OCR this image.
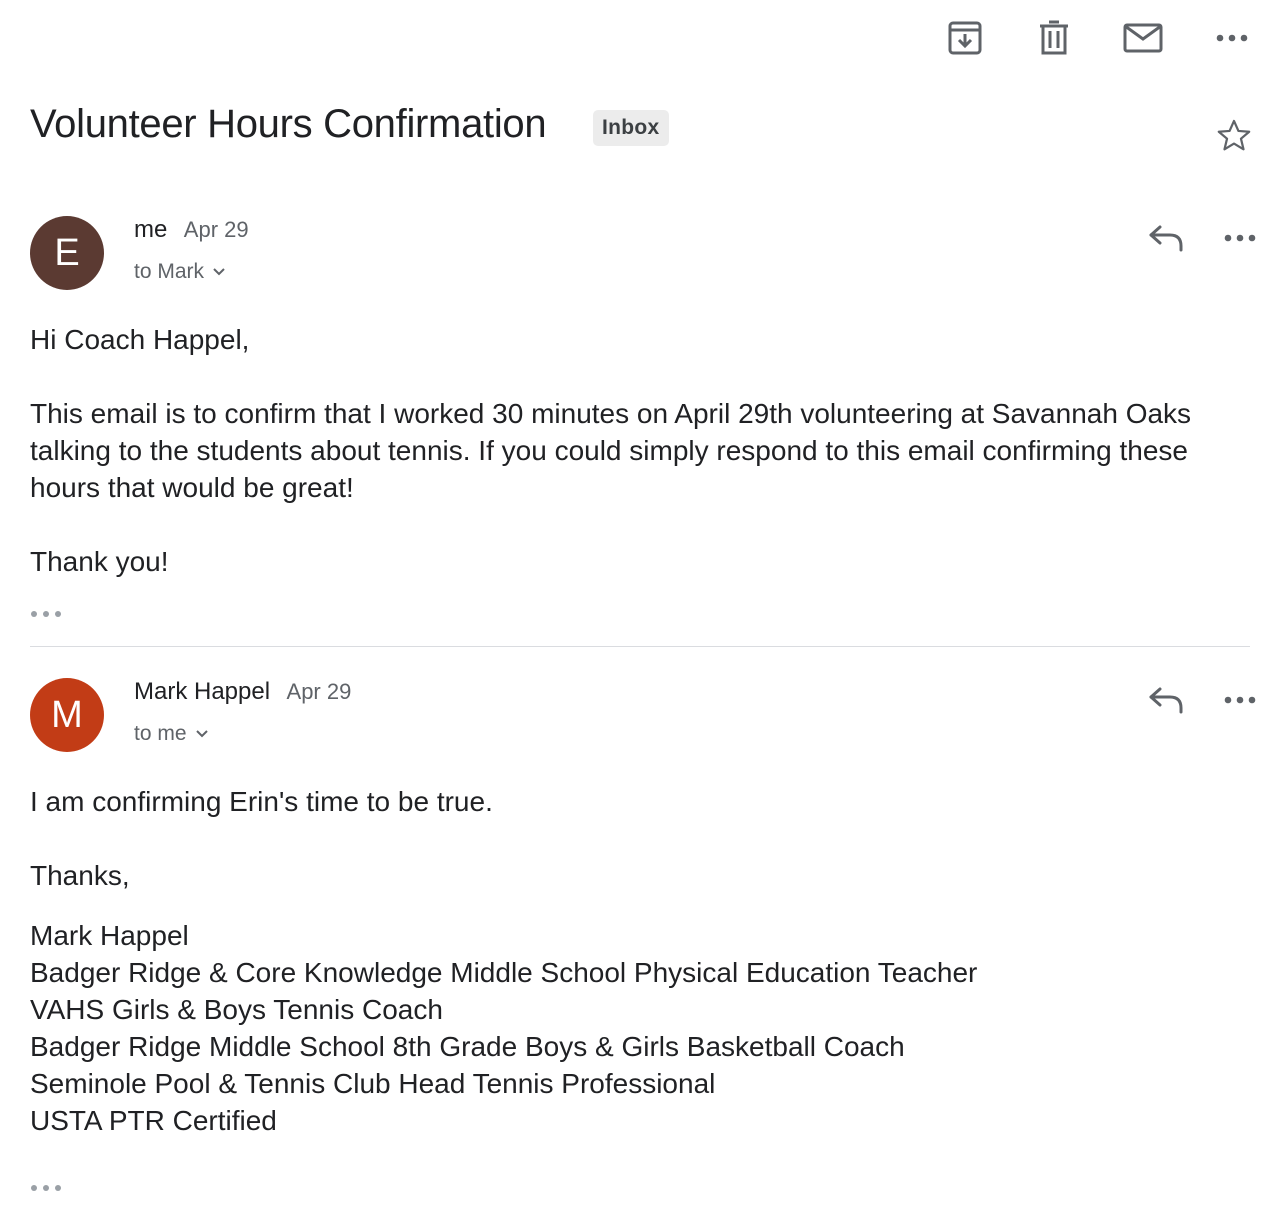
Volunteer Hours Confirmation	Inbox
E
me Apr 29
to Mark

Hi Coach Happel,

This email is to confirm that I worked 30 minutes on April 29th volunteering at Savannah Oaks talking to the students about tennis. If you could simply respond to this email confirming these hours that would be great!

Thank you!

M
Mark Happel Apr 29
to me

I am confirming Erin's time to be true.

Thanks,

Mark Happel

Badger Ridge & Core Knowledge Middle School Physical Education Teacher

VAHS Girls & Boys Tennis Coach

Badger Ridge Middle School 8th Grade Boys & Girls Basketball Coach

Seminole Pool & Tennis Club Head Tennis Professional

USTA PTR Certified
